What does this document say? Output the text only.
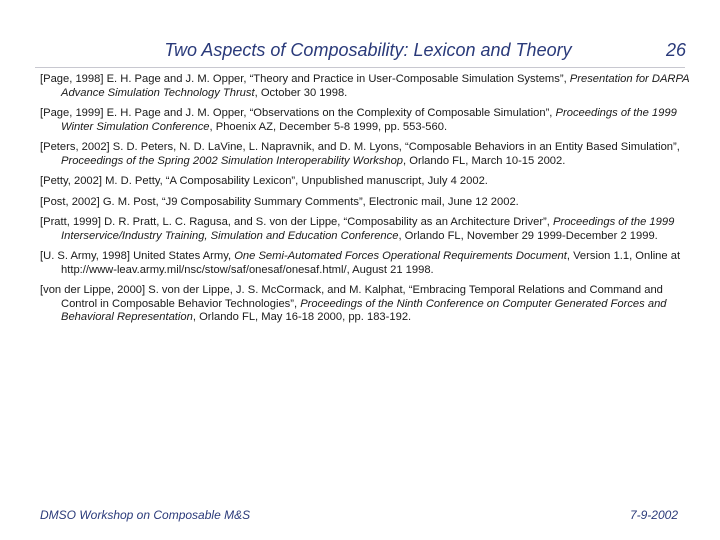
Two Aspects of Composability: Lexicon and Theory	26

[Page, 1998] E. H. Page and J. M. Opper, “Theory and Practice in User-Composable Simulation Systems”, Presentation for DARPA Advance Simulation Technology Thrust, October 30 1998.

[Page, 1999] E. H. Page and J. M. Opper, “Observations on the Complexity of Composable Simulation”, Proceedings of the 1999 Winter Simulation Conference, Phoenix AZ, December 5-8 1999, pp. 553-560.

[Peters, 2002] S. D. Peters, N. D. LaVine, L. Napravnik, and D. M. Lyons, “Composable Behaviors in an Entity Based Simulation”, Proceedings of the Spring 2002 Simulation Interoperability Workshop, Orlando FL, March 10-15 2002.

[Petty, 2002] M. D. Petty, “A Composability Lexicon”, Unpublished manuscript, July 4 2002.

[Post, 2002] G. M. Post, “J9 Composability Summary Comments”, Electronic mail, June 12 2002.

[Pratt, 1999] D. R. Pratt, L. C. Ragusa, and S. von der Lippe, “Composability as an Architecture Driver”, Proceedings of the 1999 Interservice/Industry Training, Simulation and Education Conference, Orlando FL, November 29 1999-December 2 1999.

[U. S. Army, 1998] United States Army, One Semi-Automated Forces Operational Requirements Document, Version 1.1, Online at http://www-leav.army.mil/nsc/stow/saf/onesaf/onesaf.html/, August 21 1998.

[von der Lippe, 2000] S. von der Lippe, J. S. McCormack, and M. Kalphat, “Embracing Temporal Relations and Command and Control in Composable Behavior Technologies”, Proceedings of the Ninth Conference on Computer Generated Forces and Behavioral Representation, Orlando FL, May 16-18 2000, pp. 183-192.

DMSO Workshop on Composable M&S	7-9-2002
